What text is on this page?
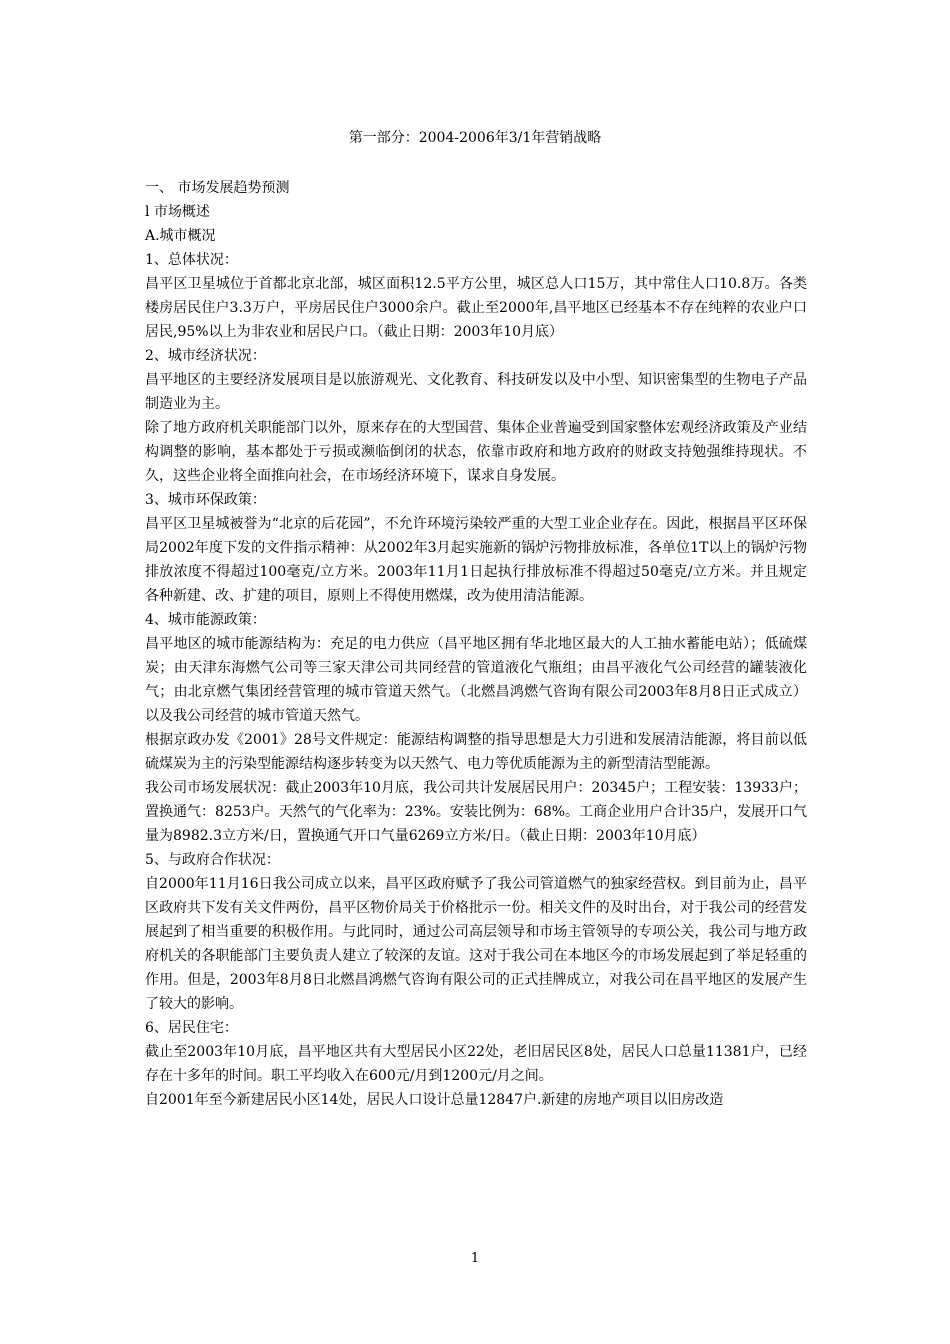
第一部分：2004-2006年3/1年营销战略

一、 市场发展趋势预测

l 市场概述

A.城市概况

1、总体状况：

昌平区卫星城位于首都北京北部，城区面积12.5平方公里，城区总人口15万，其中常住人口10.8万。各类楼房居民住户3.3万户，平房居民住户3000余户。截止至2000年,昌平地区已经基本不存在纯粹的农业户口居民,95%以上为非农业和居民户口。（截止日期：2003年10月底）

2、城市经济状况：

昌平地区的主要经济发展项目是以旅游观光、文化教育、科技研发以及中小型、知识密集型的生物电子产品制造业为主。

除了地方政府机关职能部门以外，原来存在的大型国营、集体企业普遍受到国家整体宏观经济政策及产业结构调整的影响，基本都处于亏损或濒临倒闭的状态，依靠市政府和地方政府的财政支持勉强维持现状。不久，这些企业将全面推向社会，在市场经济环境下，谋求自身发展。

3、城市环保政策：

昌平区卫星城被誉为“北京的后花园”，不允许环境污染较严重的大型工业企业存在。因此，根据昌平区环保局2002年度下发的文件指示精神：从2002年3月起实施新的锅炉污物排放标准，各单位1T以上的锅炉污物排放浓度不得超过100毫克/立方米。2003年11月1日起执行排放标准不得超过50毫克/立方米。并且规定各种新建、改、扩建的项目，原则上不得使用燃煤，改为使用清洁能源。

4、城市能源政策：

昌平地区的城市能源结构为：充足的电力供应（昌平地区拥有华北地区最大的人工抽水蓄能电站）；低硫煤炭；由天津东海燃气公司等三家天津公司共同经营的管道液化气瓶组；由昌平液化气公司经营的罐装液化气；由北京燃气集团经营管理的城市管道天然气。（北燃昌鸿燃气咨询有限公司2003年8月8日正式成立）以及我公司经营的城市管道天然气。

根据京政办发《2001》28号文件规定：能源结构调整的指导思想是大力引进和发展清洁能源，将目前以低硫煤炭为主的污染型能源结构逐步转变为以天然气、电力等优质能源为主的新型清洁型能源。

我公司市场发展状况：截止2003年10月底，我公司共计发展居民用户：20345户；工程安装：13933户；置换通气：8253户。天然气的气化率为：23%。安装比例为：68%。工商企业用户合计35户，发展开口气量为8982.3立方米/日，置换通气开口气量6269立方米/日。（截止日期：2003年10月底）

5、与政府合作状况：

自2000年11月16日我公司成立以来，昌平区政府赋予了我公司管道燃气的独家经营权。到目前为止，昌平区政府共下发有关文件两份，昌平区物价局关于价格批示一份。相关文件的及时出台，对于我公司的经营发展起到了相当重要的积极作用。与此同时，通过公司高层领导和市场主管领导的专项公关，我公司与地方政府机关的各职能部门主要负责人建立了较深的友谊。这对于我公司在本地区今的市场发展起到了举足轻重的作用。但是，2003年8月8日北燃昌鸿燃气咨询有限公司的正式挂牌成立，对我公司在昌平地区的发展产生了较大的影响。

6、居民住宅：

截止至2003年10月底，昌平地区共有大型居民小区22处，老旧居民区8处，居民人口总量11381户，已经存在十多年的时间。职工平均收入在600元/月到1200元/月之间。

自2001年至今新建居民小区14处，居民人口设计总量12847户.新建的房地产项目以旧房改造

1
